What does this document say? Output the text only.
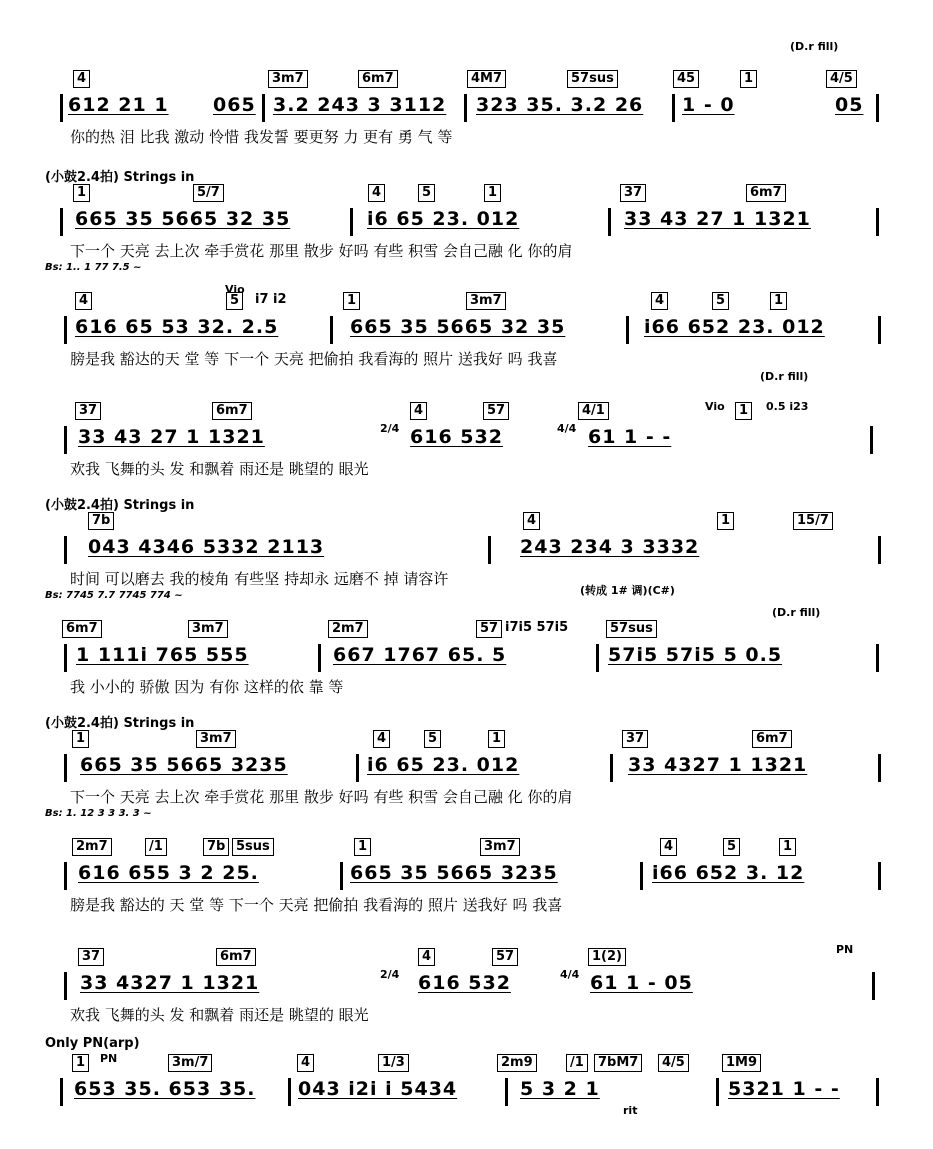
4	3m7	6m7	4M7	57sus	45	1	4/5
612 21 1 065 3.2 243 3 3112 323 35. 3.2 26 1 - 0	05
你的热 泪 比我 激动 怜惜 我发誓 要更努 力 更有 勇 气 等
(D.r fill)
(小鼓2.4拍) Strings in
1	5/7	4	5	1	37	6m7
665 35 5665 32 35	i6 65 23. 012	33 43 27 1 1321
下一个 天亮 去上次 牵手赏花 那里 散步 好吗 有些 积雪 会自己融 化 你的肩
Bs: 1.. 1 77 7.5 ~
4	5	i7 i2	1	3m7	4	5	1
616 65 53 32. 2.5	665 35 5665 32 35	i66 652 23. 012
膀是我 豁达的天 堂 等 下一个 天亮 把偷拍 我看海的 照片 送我好 吗 我喜
Vio
37	6m7	4	57	4/1	1
33 43 27 1 1321	616 532	61 1 - -
欢我 飞舞的头 发 和飘着 雨还是 眺望的 眼光
(D.r fill)
Vio	0.5 i23
2/4	4/4
(小鼓2.4拍) Strings in
7b	4	1	15/7
043 4346 5332 2113	243 234 3 3332
时间 可以磨去 我的棱角 有些坚 持却永 远磨不 掉 请容许
Bs: 7745 7.7 7745 774 ~	(转成 1# 调)(C#)
6m7	3m7	2m7	57 i7i5 57i5	57sus
1 111i 765 555	667 1767 65. 5	57i5 57i5 5 0.5
我 小小的 骄傲 因为 有你 这样的依 靠 等
(D.r fill)
(小鼓2.4拍) Strings in
1	3m7	4	5	1	37	6m7
665 35 5665 3235	i6 65 23. 012	33 4327 1 1321
下一个 天亮 去上次 牵手赏花 那里 散步 好吗 有些 积雪 会自己融 化 你的肩
Bs: 1. 12 3 3 3. 3 ~
2m7	/1	7b 5sus	1	3m7	4	5	1
616 655 3 2 25.	665 35 5665 3235	i66 652 3. 12
膀是我 豁达的 天 堂 等 下一个 天亮 把偷拍 我看海的 照片 送我好 吗 我喜
37	6m7	4	57	1(2)
33 4327 1 1321	616 532	61 1 - 05
欢我 飞舞的头 发 和飘着 雨还是 眺望的 眼光
PN
2/4	4/4
Only PN(arp)
1	3m/7	4	1/3	2m9	/1	7bM7	4/5	1M9
653 35. 653 35. 043 i2i i 5434	5 3 2 1	5321 1 - -
PN
rit
